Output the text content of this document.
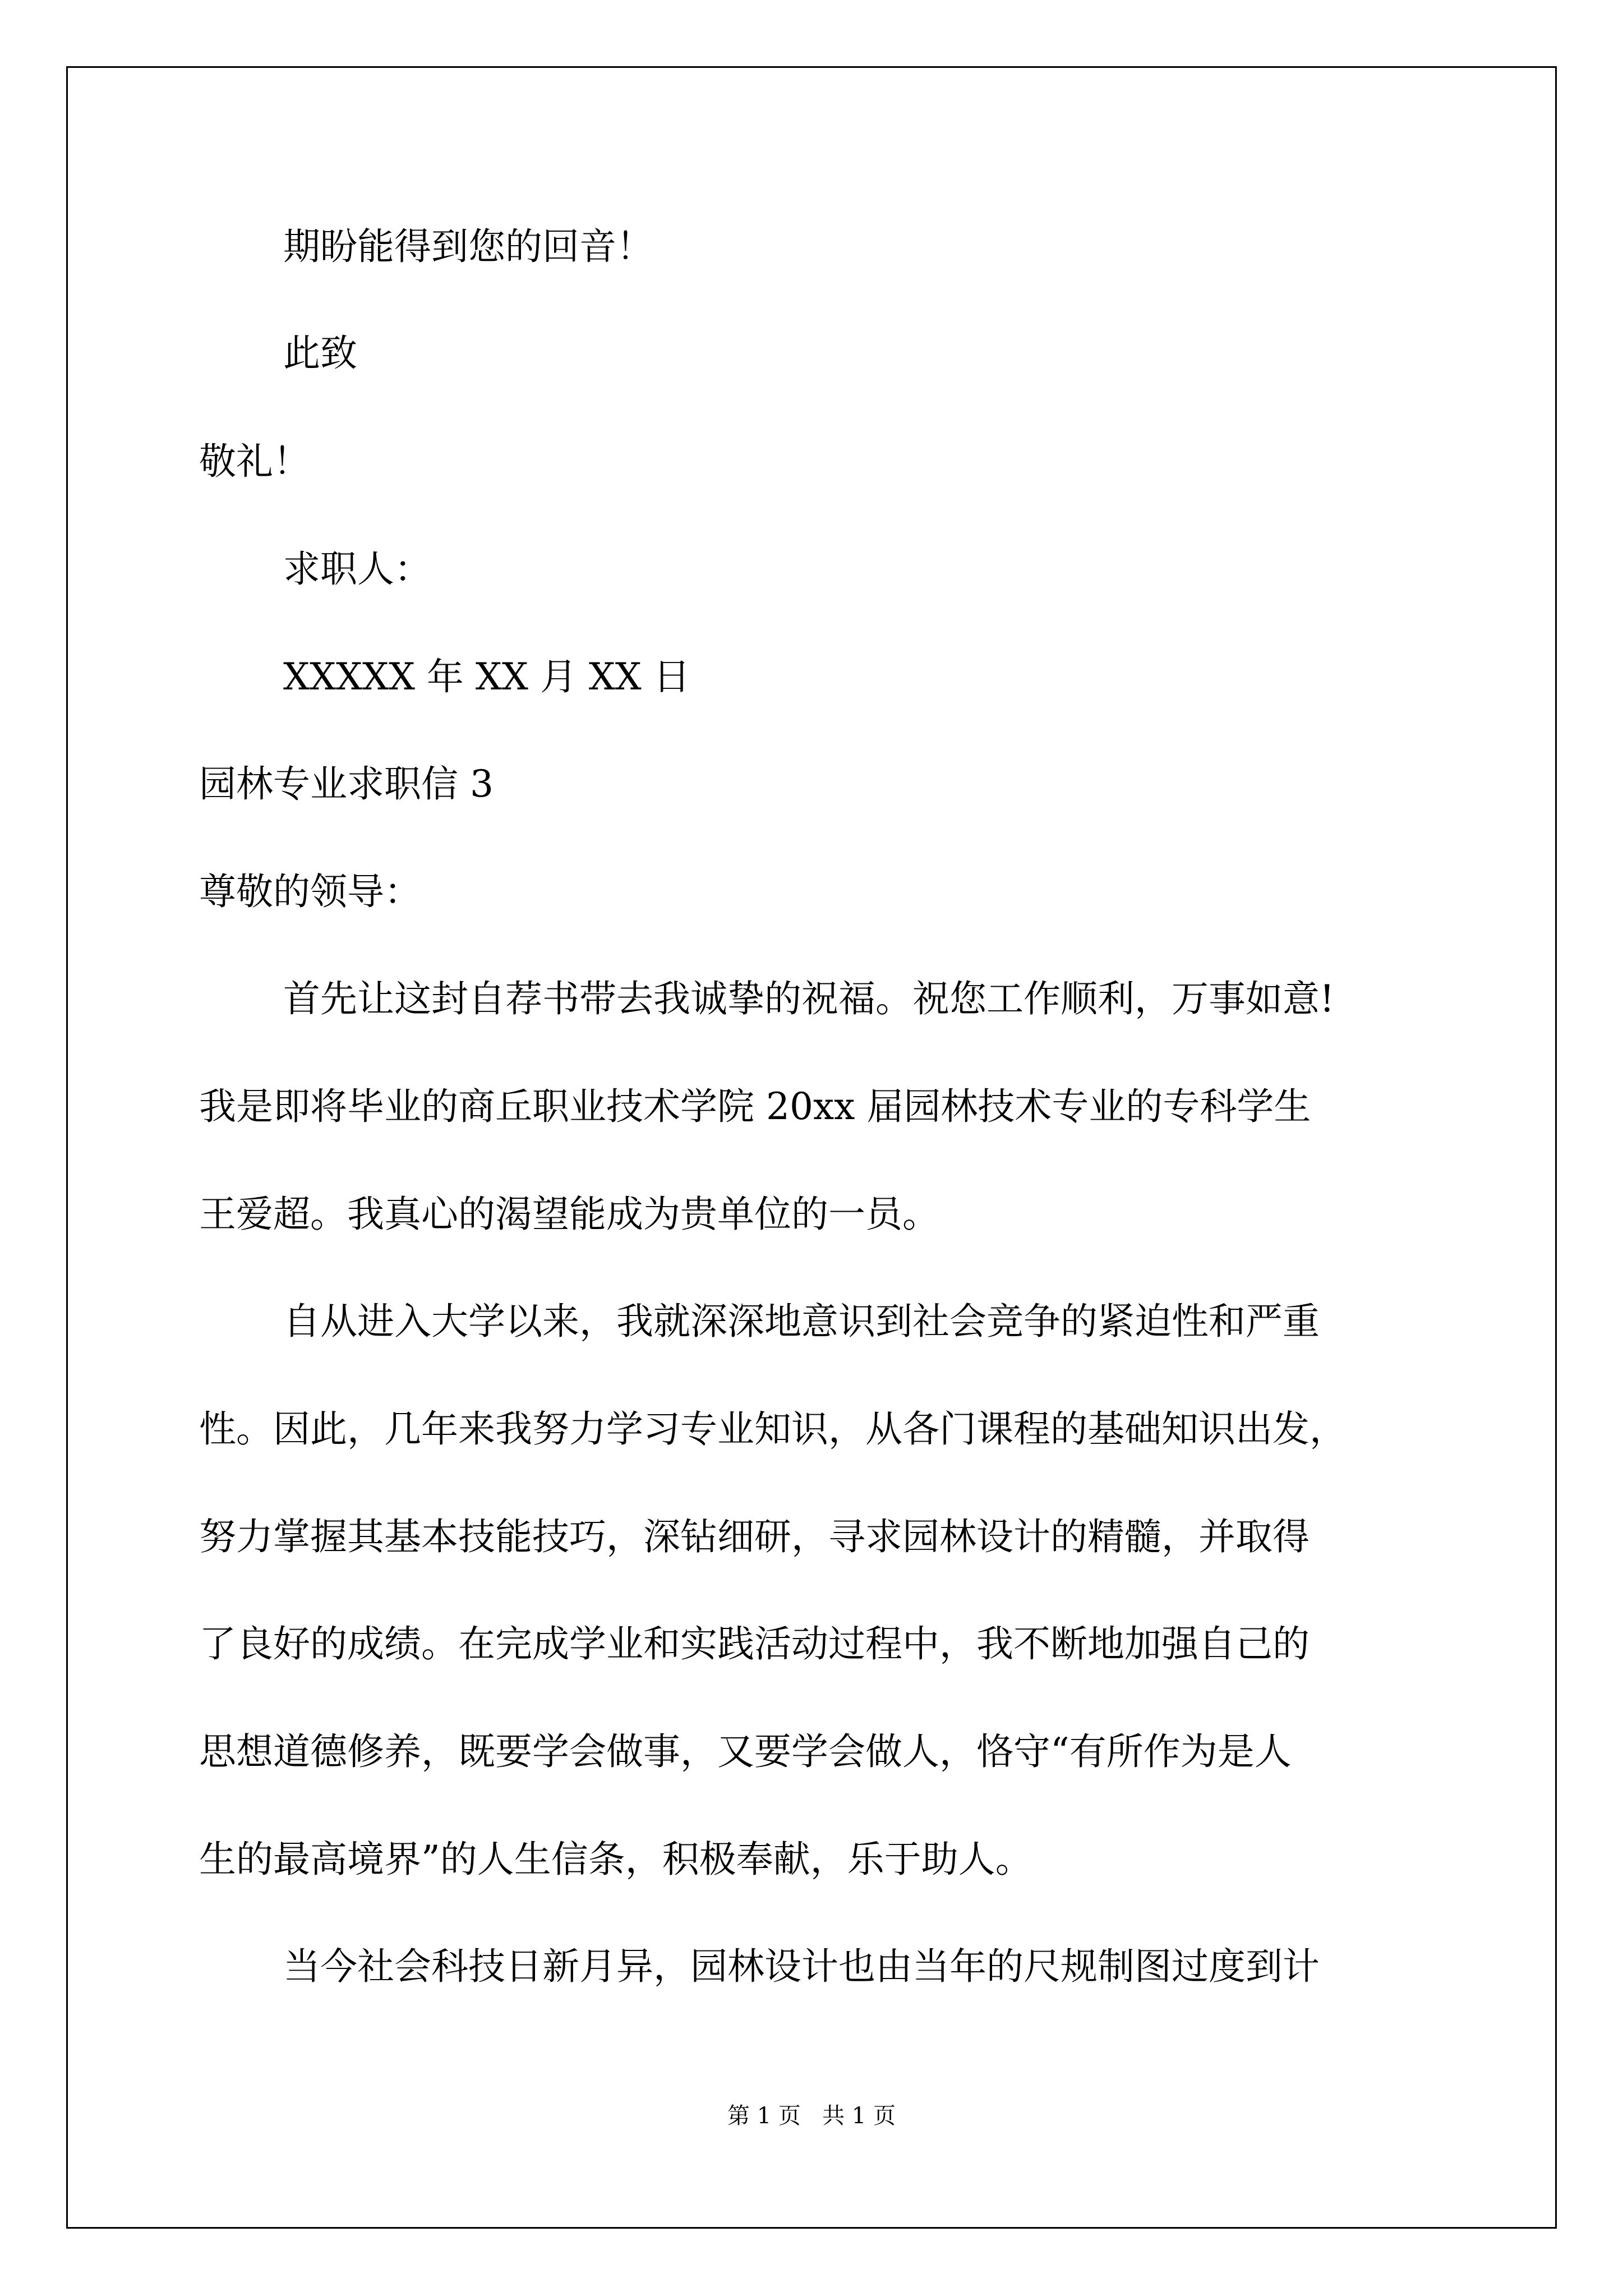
期盼能得到您的回音！
此致
敬礼！
求职人：
XXXXX 年 XX 月 XX 日
园林专业求职信 3
尊敬的领导：
首先让这封自荐书带去我诚挚的祝福。祝您工作顺利，万事如意!
我是即将毕业的商丘职业技术学院 20xx 届园林技术专业的专科学生
王爱超。我真心的渴望能成为贵单位的一员。
自从进入大学以来，我就深深地意识到社会竞争的紧迫性和严重
性。因此，几年来我努力学习专业知识，从各门课程的基础知识出发，
努力掌握其基本技能技巧，深钻细研，寻求园林设计的精髓，并取得
了良好的成绩。在完成学业和实践活动过程中，我不断地加强自己的
思想道德修养，既要学会做事，又要学会做人，恪守“有所作为是人
生的最高境界”的人生信条，积极奉献，乐于助人。
当今社会科技日新月异，园林设计也由当年的尺规制图过度到计
第 1 页   共 1 页
